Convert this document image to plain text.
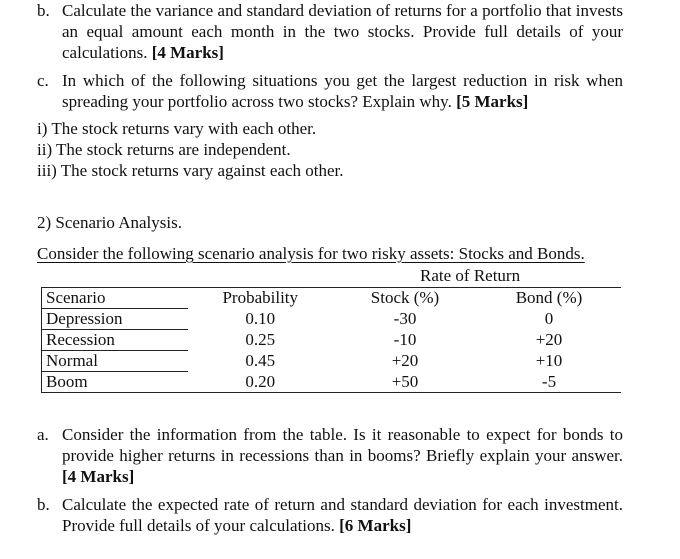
b. Calculate the variance and standard deviation of returns for a portfolio that invests an equal amount each month in the two stocks. Provide full details of your calculations. [4 Marks]
c. In which of the following situations you get the largest reduction in risk when spreading your portfolio across two stocks? Explain why. [5 Marks]
i) The stock returns vary with each other.
ii) The stock returns are independent.
iii) The stock returns vary against each other.
2) Scenario Analysis.
Consider the following scenario analysis for two risky assets: Stocks and Bonds.
Rate of Return
Scenario	Probability	Stock (%)	Bond (%)
Depression	0.10	-30	0
Recession	0.25	-10	+20
Normal	0.45	+20	+10
Boom	0.20	+50	-5
a. Consider the information from the table. Is it reasonable to expect for bonds to provide higher returns in recessions than in booms? Briefly explain your answer. [4 Marks]
b. Calculate the expected rate of return and standard deviation for each investment. Provide full details of your calculations. [6 Marks]
